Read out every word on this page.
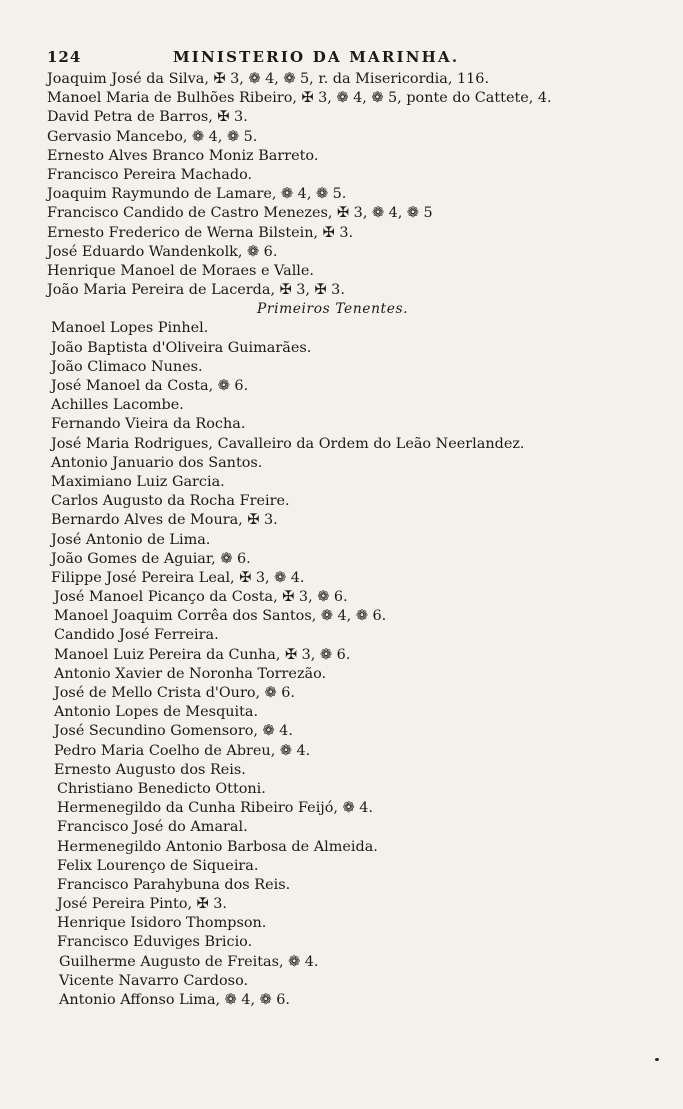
124	MINISTERIO DA MARINHA.
Joaquim José da Silva, ✠ 3, ❁ 4, ❁ 5, r. da Misericordia, 116.
Manoel Maria de Bulhões Ribeiro, ✠ 3, ❁ 4, ❁ 5, ponte do Cattete, 4.
David Petra de Barros, ✠ 3.
Gervasio Mancebo, ❁ 4, ❁ 5.
Ernesto Alves Branco Moniz Barreto.
Francisco Pereira Machado.
Joaquim Raymundo de Lamare, ❁ 4, ❁ 5.
Francisco Candido de Castro Menezes, ✠ 3, ❁ 4, ❁ 5
Ernesto Frederico de Werna Bilstein, ✠ 3.
José Eduardo Wandenkolk, ❁ 6.
Henrique Manoel de Moraes e Valle.
João Maria Pereira de Lacerda, ✠ 3, ✠ 3.
Primeiros Tenentes.
Manoel Lopes Pinhel.
João Baptista d'Oliveira Guimarães.
João Climaco Nunes.
José Manoel da Costa, ❁ 6.
Achilles Lacombe.
Fernando Vieira da Rocha.
José Maria Rodrigues, Cavalleiro da Ordem do Leão Neerlandez.
Antonio Januario dos Santos.
Maximiano Luiz Garcia.
Carlos Augusto da Rocha Freire.
Bernardo Alves de Moura, ✠ 3.
José Antonio de Lima.
João Gomes de Aguiar, ❁ 6.
Filippe José Pereira Leal, ✠ 3, ❁ 4.
José Manoel Picanço da Costa, ✠ 3, ❁ 6.
Manoel Joaquim Corrêa dos Santos, ❁ 4, ❁ 6.
Candido José Ferreira.
Manoel Luiz Pereira da Cunha, ✠ 3, ❁ 6.
Antonio Xavier de Noronha Torrezão.
José de Mello Crista d'Ouro, ❁ 6.
Antonio Lopes de Mesquita.
José Secundino Gomensoro, ❁ 4.
Pedro Maria Coelho de Abreu, ❁ 4.
Ernesto Augusto dos Reis.
Christiano Benedicto Ottoni.
Hermenegildo da Cunha Ribeiro Feijó, ❁ 4.
Francisco José do Amaral.
Hermenegildo Antonio Barbosa de Almeida.
Felix Lourenço de Siqueira.
Francisco Parahybuna dos Reis.
José Pereira Pinto, ✠ 3.
Henrique Isidoro Thompson.
Francisco Eduviges Bricio.
Guilherme Augusto de Freitas, ❁ 4.
Vicente Navarro Cardoso.
Antonio Affonso Lima, ❁ 4, ❁ 6.
